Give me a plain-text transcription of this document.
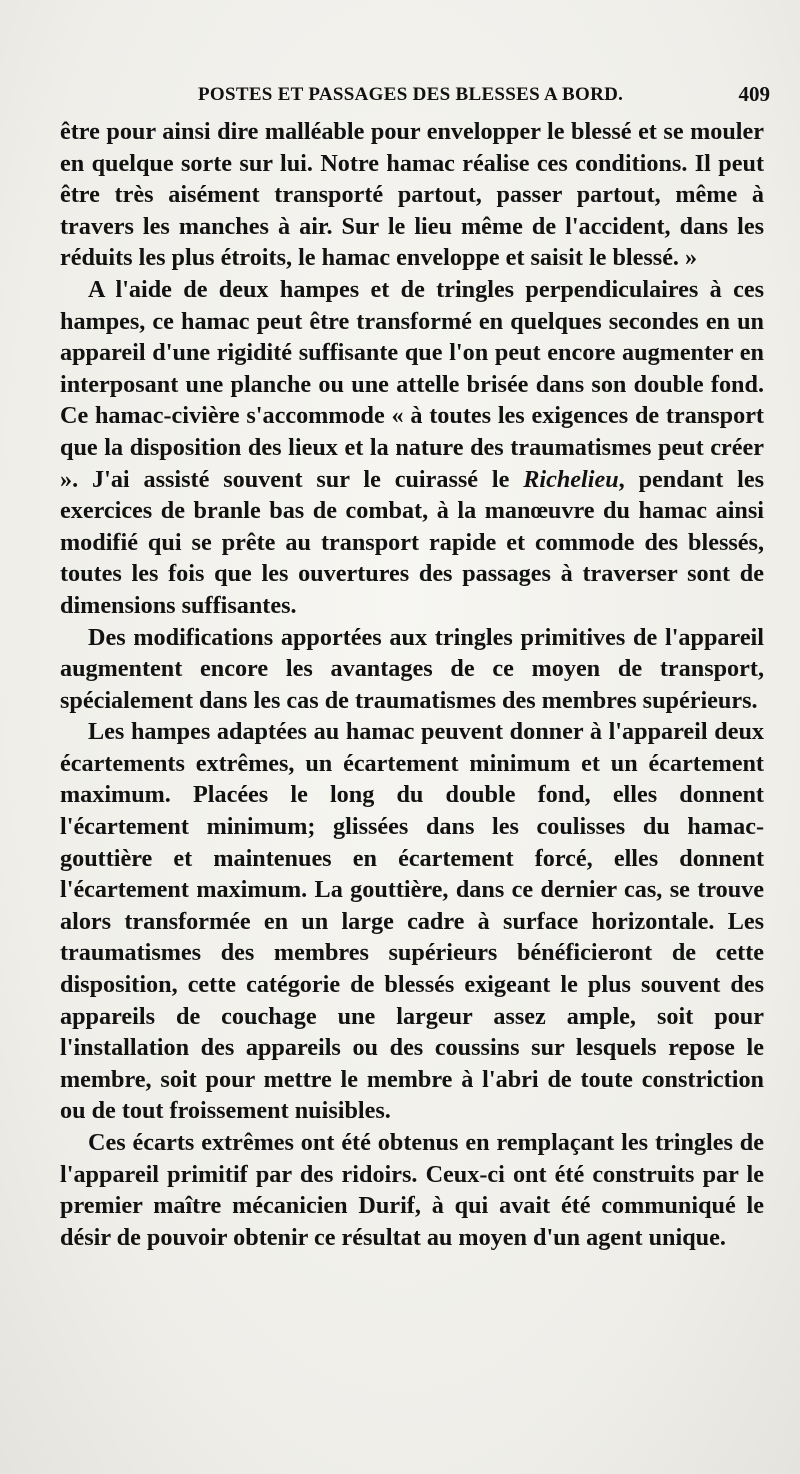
POSTES ET PASSAGES DES BLESSES A BORD.	409

être pour ainsi dire malléable pour envelopper le blessé et se mouler en quelque sorte sur lui. Notre hamac réalise ces conditions. Il peut être très aisément transporté partout, passer partout, même à travers les manches à air. Sur le lieu même de l'accident, dans les réduits les plus étroits, le hamac enveloppe et saisit le blessé. »

A l'aide de deux hampes et de tringles perpendiculaires à ces hampes, ce hamac peut être transformé en quelques secondes en un appareil d'une rigidité suffisante que l'on peut encore augmenter en interposant une planche ou une attelle brisée dans son double fond. Ce hamac-civière s'accommode « à toutes les exigences de transport que la disposition des lieux et la nature des traumatismes peut créer ». J'ai assisté souvent sur le cuirassé le Richelieu, pendant les exercices de branle bas de combat, à la manœuvre du hamac ainsi modifié qui se prête au transport rapide et commode des blessés, toutes les fois que les ouvertures des passages à traverser sont de dimensions suffisantes.

Des modifications apportées aux tringles primitives de l'appareil augmentent encore les avantages de ce moyen de transport, spécialement dans les cas de traumatismes des membres supérieurs.

Les hampes adaptées au hamac peuvent donner à l'appareil deux écartements extrêmes, un écartement minimum et un écartement maximum. Placées le long du double fond, elles donnent l'écartement minimum; glissées dans les coulisses du hamac-gouttière et maintenues en écartement forcé, elles donnent l'écartement maximum. La gouttière, dans ce dernier cas, se trouve alors transformée en un large cadre à surface horizontale. Les traumatismes des membres supérieurs bénéficieront de cette disposition, cette catégorie de blessés exigeant le plus souvent des appareils de couchage une largeur assez ample, soit pour l'installation des appareils ou des coussins sur lesquels repose le membre, soit pour mettre le membre à l'abri de toute constriction ou de tout froissement nuisibles.

Ces écarts extrêmes ont été obtenus en remplaçant les tringles de l'appareil primitif par des ridoirs. Ceux-ci ont été construits par le premier maître mécanicien Durif, à qui avait été communiqué le désir de pouvoir obtenir ce résultat au moyen d'un agent unique.
